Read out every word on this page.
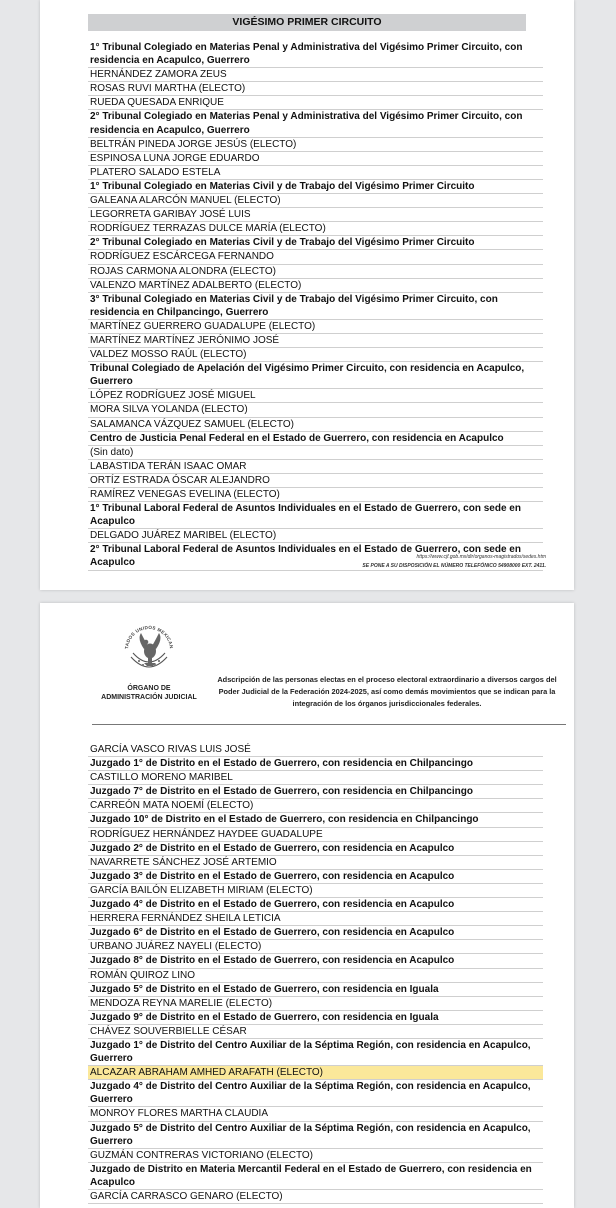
VIGÉSIMO PRIMER CIRCUITO
1° Tribunal Colegiado en Materias Penal y Administrativa del Vigésimo Primer Circuito, con residencia en Acapulco, Guerrero
HERNÁNDEZ ZAMORA ZEUS
ROSAS RUVI MARTHA (ELECTO)
RUEDA QUESADA ENRIQUE
2° Tribunal Colegiado en Materias Penal y Administrativa del Vigésimo Primer Circuito, con residencia en Acapulco, Guerrero
BELTRÁN PINEDA JORGE JESÚS (ELECTO)
ESPINOSA LUNA JORGE EDUARDO
PLATERO SALADO ESTELA
1° Tribunal Colegiado en Materias Civil y de Trabajo del Vigésimo Primer Circuito
GALEANA ALARCÓN MANUEL (ELECTO)
LEGORRETA GARIBAY JOSÉ LUIS
RODRÍGUEZ TERRAZAS DULCE MARÍA (ELECTO)
2° Tribunal Colegiado en Materias Civil y de Trabajo del Vigésimo Primer Circuito
RODRÍGUEZ ESCÁRCEGA FERNANDO
ROJAS CARMONA ALONDRA (ELECTO)
VALENZO MARTÍNEZ ADALBERTO (ELECTO)
3° Tribunal Colegiado en Materias Civil y de Trabajo del Vigésimo Primer Circuito, con residencia en Chilpancingo, Guerrero
MARTÍNEZ GUERRERO GUADALUPE (ELECTO)
MARTÍNEZ MARTÍNEZ JERÓNIMO JOSÉ
VALDEZ MOSSO RAÚL (ELECTO)
Tribunal Colegiado de Apelación del Vigésimo Primer Circuito, con residencia en Acapulco, Guerrero
LÓPEZ RODRÍGUEZ JOSÉ MIGUEL
MORA SILVA YOLANDA (ELECTO)
SALAMANCA VÁZQUEZ SAMUEL (ELECTO)
Centro de Justicia Penal Federal en el Estado de Guerrero, con residencia en Acapulco
(Sin dato)
LABASTIDA TERÁN ISAAC OMAR
ORTÍZ ESTRADA ÓSCAR ALEJANDRO
RAMÍREZ VENEGAS EVELINA (ELECTO)
1° Tribunal Laboral Federal de Asuntos Individuales en el Estado de Guerrero, con sede en Acapulco
DELGADO JUÁREZ MARIBEL (ELECTO)
2° Tribunal Laboral Federal de Asuntos Individuales en el Estado de Guerrero, con sede en Acapulco
https://www.cjf.gob.mx/dir/organos-magistrados/sedes.htm
SE PONE A SU DISPOSICIÓN EL NÚMERO TELEFÓNICO 54908000 EXT. 2411.
TADOS UNIDOS MEXICAN
ÓRGANO DE ADMINISTRACIÓN JUDICIAL
Adscripción de las personas electas en el proceso electoral extraordinario a diversos cargos del Poder Judicial de la Federación 2024-2025, así como demás movimientos que se indican para la integración de los órganos jurisdiccionales federales.
GARCÍA VASCO RIVAS LUIS JOSÉ
Juzgado 1° de Distrito en el Estado de Guerrero, con residencia en Chilpancingo
CASTILLO MORENO MARIBEL
Juzgado 7° de Distrito en el Estado de Guerrero, con residencia en Chilpancingo
CARREÓN MATA NOEMÍ (ELECTO)
Juzgado 10° de Distrito en el Estado de Guerrero, con residencia en Chilpancingo
RODRÍGUEZ HERNÁNDEZ HAYDEE GUADALUPE
Juzgado 2° de Distrito en el Estado de Guerrero, con residencia en Acapulco
NAVARRETE SÁNCHEZ JOSÉ ARTEMIO
Juzgado 3° de Distrito en el Estado de Guerrero, con residencia en Acapulco
GARCÍA BAILÓN ELIZABETH MIRIAM (ELECTO)
Juzgado 4° de Distrito en el Estado de Guerrero, con residencia en Acapulco
HERRERA FERNÁNDEZ SHEILA LETICIA
Juzgado 6° de Distrito en el Estado de Guerrero, con residencia en Acapulco
URBANO JUÁREZ NAYELI (ELECTO)
Juzgado 8° de Distrito en el Estado de Guerrero, con residencia en Acapulco
ROMÁN QUIROZ LINO
Juzgado 5° de Distrito en el Estado de Guerrero, con residencia en Iguala
MENDOZA REYNA MARELIE (ELECTO)
Juzgado 9° de Distrito en el Estado de Guerrero, con residencia en Iguala
CHÁVEZ SOUVERBIELLE CÉSAR
Juzgado 1° de Distrito del Centro Auxiliar de la Séptima Región, con residencia en Acapulco, Guerrero
ALCAZAR ABRAHAM AMHED ARAFATH (ELECTO)
Juzgado 4° de Distrito del Centro Auxiliar de la Séptima Región, con residencia en Acapulco, Guerrero
MONROY FLORES MARTHA CLAUDIA
Juzgado 5° de Distrito del Centro Auxiliar de la Séptima Región, con residencia en Acapulco, Guerrero
GUZMÁN CONTRERAS VICTORIANO (ELECTO)
Juzgado de Distrito en Materia Mercantil Federal en el Estado de Guerrero, con residencia en Acapulco
GARCÍA CARRASCO GENARO (ELECTO)
